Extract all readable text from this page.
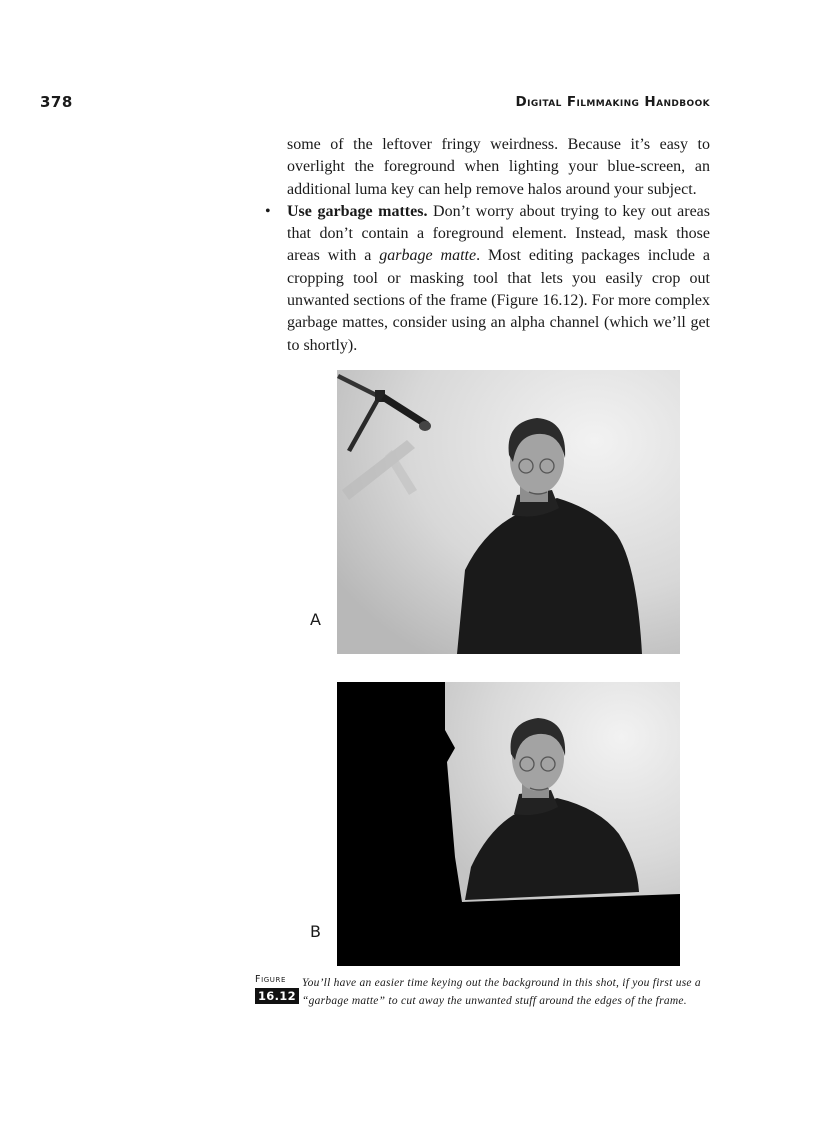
378	Digital Filmmaking Handbook

some of the leftover fringy weirdness. Because it’s easy to overlight the foreground when lighting your blue-screen, an additional luma key can help remove halos around your subject.

• Use garbage mattes. Don’t worry about trying to key out areas that don’t contain a foreground element. Instead, mask those areas with a garbage matte. Most editing packages include a cropping tool or masking tool that lets you easily crop out unwanted sections of the frame (Figure 16.12). For more complex garbage mattes, consider using an alpha channel (which we’ll get to shortly).

A
B
Figure
16.12
You’ll have an easier time keying out the background in this shot, if you first use a “garbage matte” to cut away the unwanted stuff around the edges of the frame.
